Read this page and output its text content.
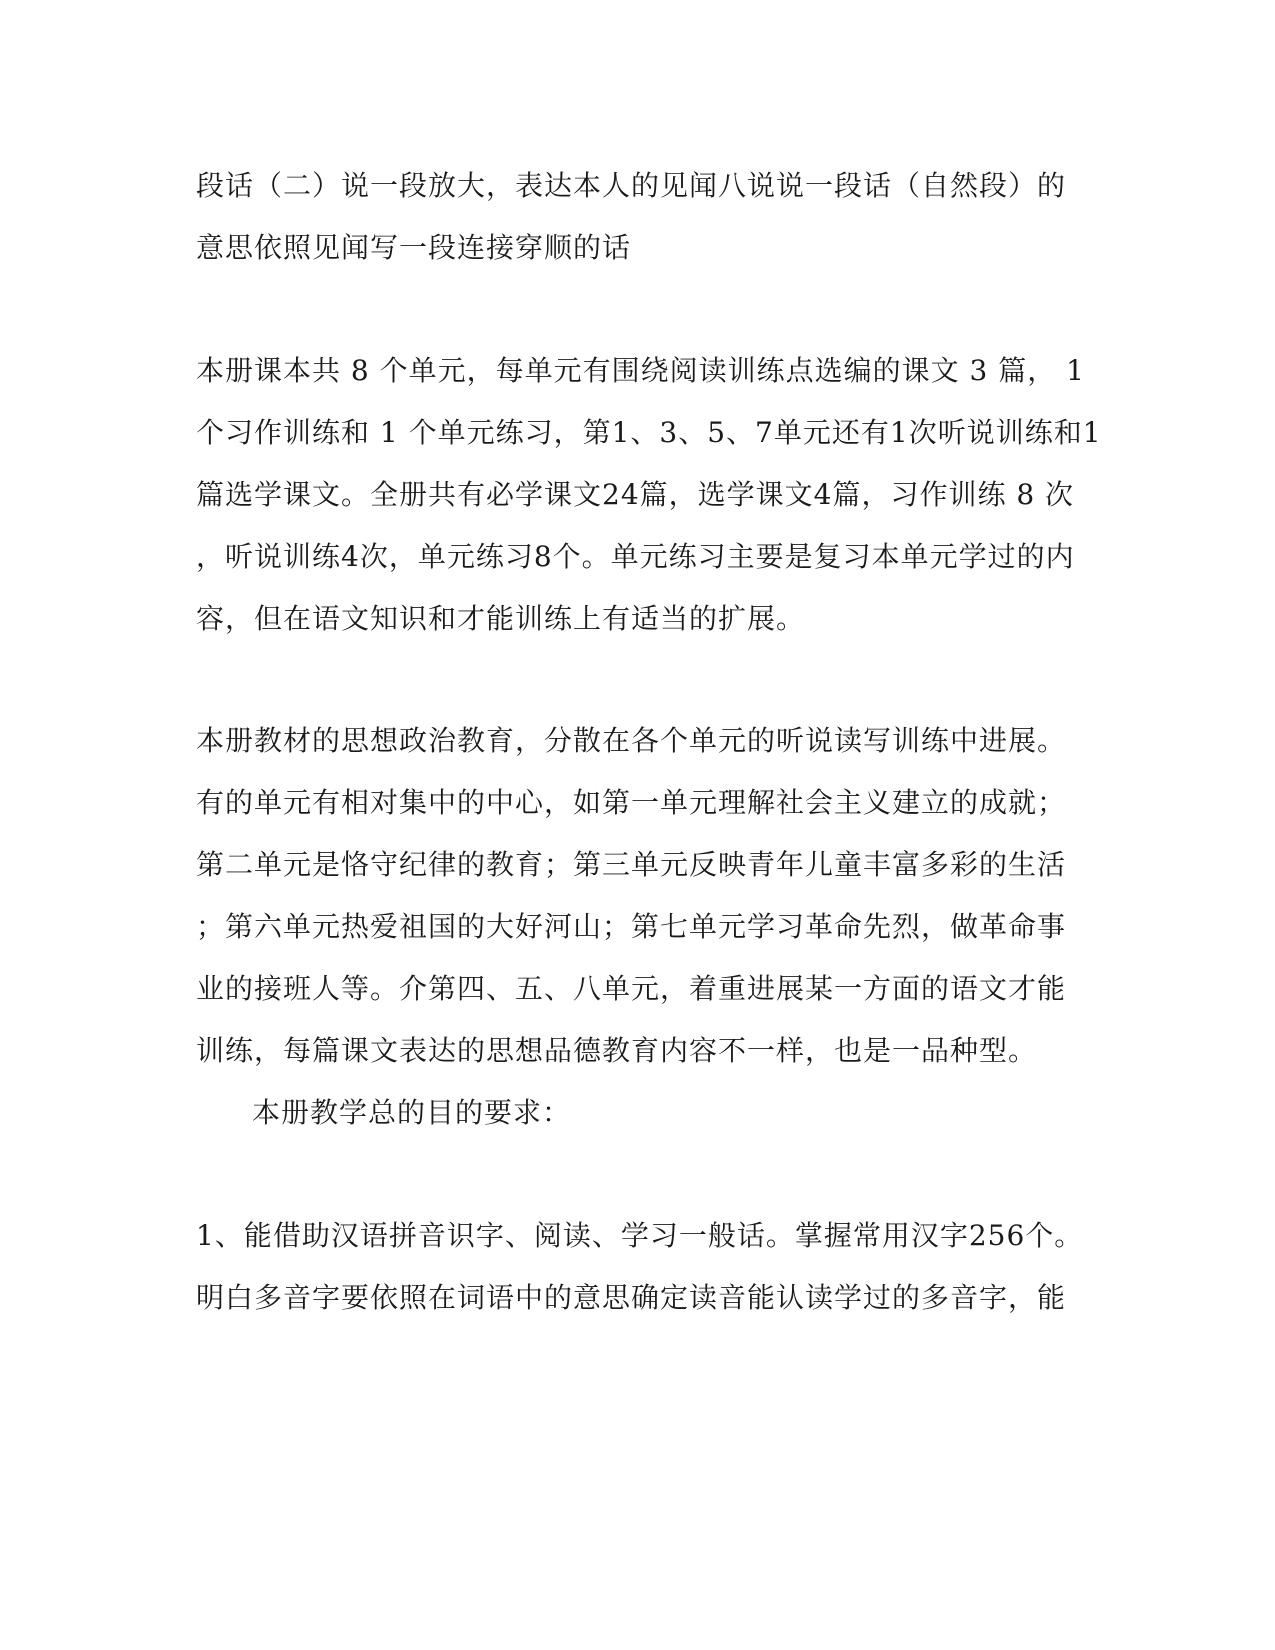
段话（二）说一段放大，表达本人的见闻八说说一段话（自然段）的
意思依照见闻写一段连接穿顺的话
本册课本共 8 个单元，每单元有围绕阅读训练点选编的课文 3 篇， 1
个习作训练和 1 个单元练习，第1、3、5、7单元还有1次听说训练和1
篇选学课文。全册共有必学课文24篇，选学课文4篇，习作训练 8 次
，听说训练4次，单元练习8个。单元练习主要是复习本单元学过的内
容，但在语文知识和才能训练上有适当的扩展。
本册教材的思想政治教育，分散在各个单元的听说读写训练中进展。
有的单元有相对集中的中心，如第一单元理解社会主义建立的成就；
第二单元是恪守纪律的教育；第三单元反映青年儿童丰富多彩的生活
；第六单元热爱祖国的大好河山；第七单元学习革命先烈，做革命事
业的接班人等。介第四、五、八单元，着重进展某一方面的语文才能
训练，每篇课文表达的思想品德教育内容不一样，也是一品种型。
本册教学总的目的要求：
1、能借助汉语拼音识字、阅读、学习一般话。掌握常用汉字256个。
明白多音字要依照在词语中的意思确定读音能认读学过的多音字，能
